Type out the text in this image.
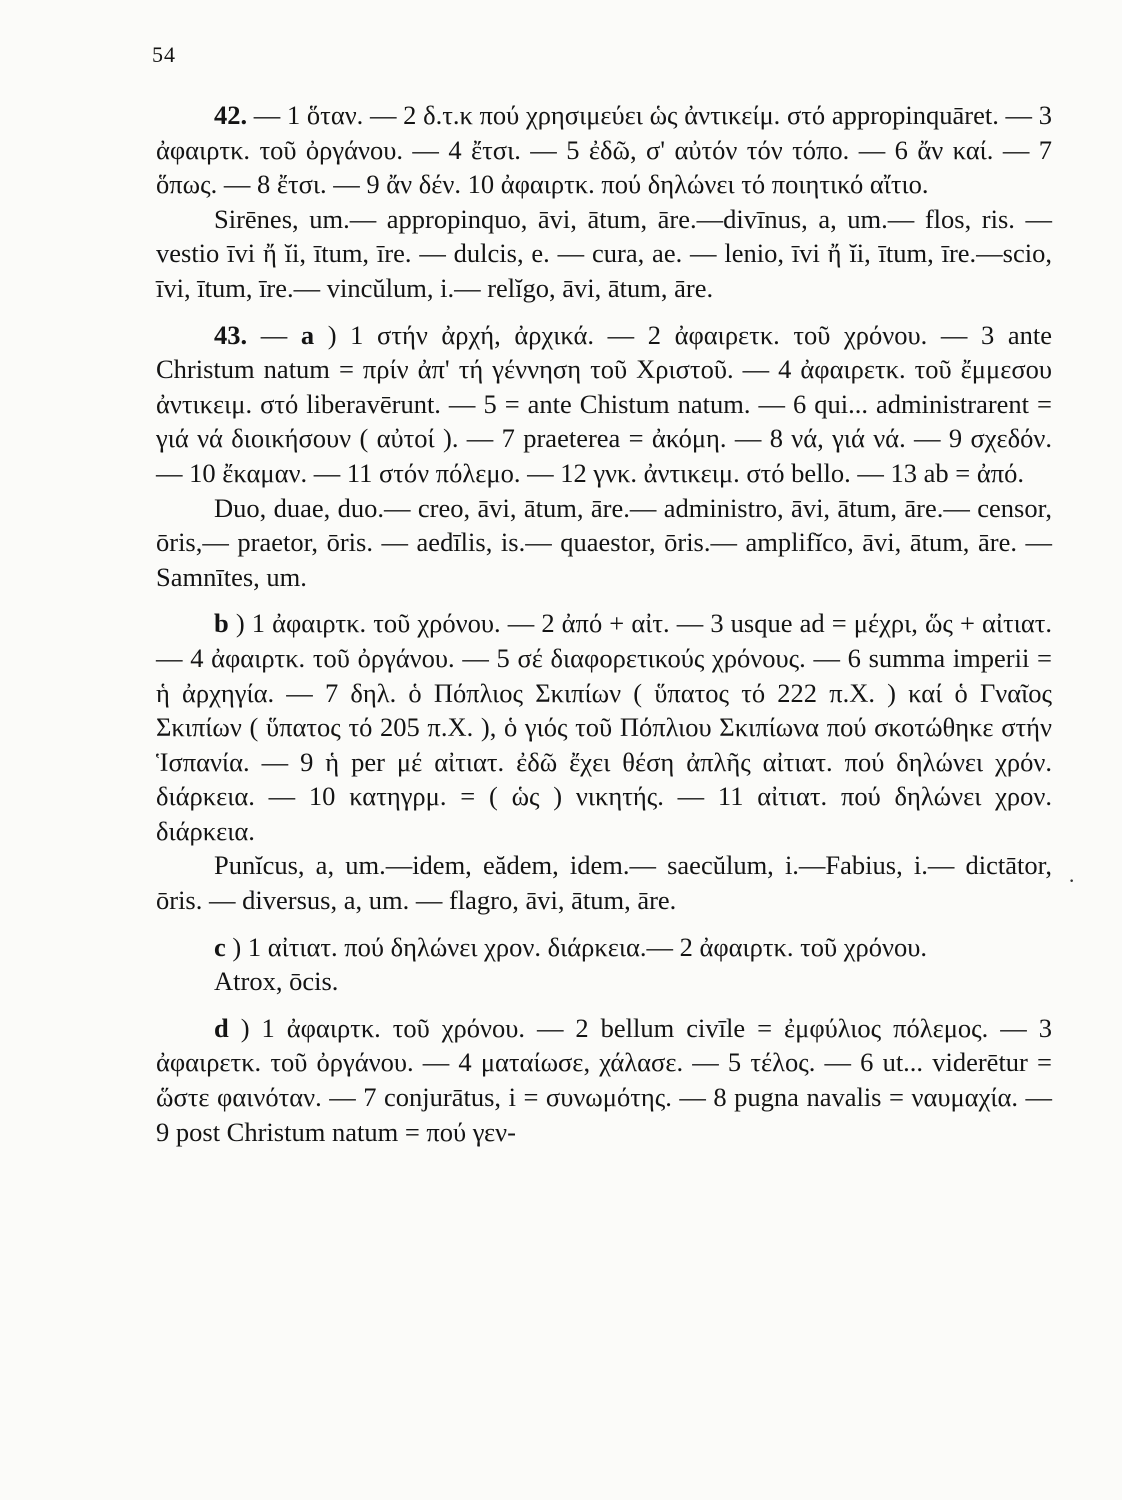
54

42. — 1 ὅταν. — 2 δ.τ.κ πού χρησιμεύει ὡς ἀντικείμ. στό appropinquāret. — 3 ἀφαιρτκ. τοῦ ὀργάνου. — 4 ἔτσι. — 5 ἐδῶ, σ' αὐτόν τόν τόπο. — 6 ἄν καί. — 7 ὅπως. — 8 ἔτσι. — 9 ἄν δέν. 10 ἀφαιρτκ. πού δηλώνει τό ποιητικό αἴτιο.

Sirēnes, um.— appropinquo, āvi, ātum, āre.—divīnus, a, um.— flos, ris. — vestio īvi ἤ ĭi, ītum, īre. — dulcis, e. — cura, ae. — lenio, īvi ἤ ĭi, ītum, īre.—scio, īvi, ītum, īre.— vincŭlum, i.— relĭgo, āvi, ātum, āre.

43. — a ) 1 στήν ἀρχή, ἀρχικά. — 2 ἀφαιρετκ. τοῦ χρόνου. — 3 ante Christum natum = πρίν ἀπ' τή γέννηση τοῦ Χριστοῦ. — 4 ἀφαιρετκ. τοῦ ἔμμεσου ἀντικειμ. στό liberavērunt. — 5 = ante Chistum natum. — 6 qui... administrarent = γιά νά διοικήσουν ( αὐτοί ). — 7 praeterea = ἀκόμη. — 8 νά, γιά νά. — 9 σχεδόν. — 10 ἔκαμαν. — 11 στόν πόλεμο. — 12 γνκ. ἀντικειμ. στό bello. — 13 ab = ἀπό.

Duo, duae, duo.— creo, āvi, ātum, āre.— administro, āvi, ātum, āre.— censor, ōris,— praetor, ōris. — aedīlis, is.— quaestor, ōris.— amplifĭco, āvi, ātum, āre. — Samnītes, um.

b ) 1 ἀφαιρτκ. τοῦ χρόνου. — 2 ἀπό + αἰτ. — 3 usque ad = μέχρι, ὥς + αἰτιατ. — 4 ἀφαιρτκ. τοῦ ὀργάνου. — 5 σέ διαφορετικούς χρόνους. — 6 summa imperii = ἡ ἀρχηγία. — 7 δηλ. ὁ Πόπλιος Σκιπίων ( ὕπατος τό 222 π.Χ. ) καί ὁ Γναῖος Σκιπίων ( ὕπατος τό 205 π.Χ. ), ὁ γιός τοῦ Πόπλιου Σκιπίωνα πού σκοτώθηκε στήν Ἱσπανία. — 9 ἡ per μέ αἰτιατ. ἐδῶ ἔχει θέση ἀπλῆς αἰτιατ. πού δηλώνει χρόν. διάρκεια. — 10 κατηγρμ. = ( ὡς ) νικητής. — 11 αἰτιατ. πού δηλώνει χρον. διάρκεια.

Punĭcus, a, um.—idem, eădem, idem.— saecŭlum, i.—Fabius, i.— dictātor, ōris. — diversus, a, um. — flagro, āvi, ātum, āre.

c ) 1 αἰτιατ. πού δηλώνει χρον. διάρκεια.— 2 ἀφαιρτκ. τοῦ χρόνου.

Atrox, ōcis.

d ) 1 ἀφαιρτκ. τοῦ χρόνου. — 2 bellum civīle = ἐμφύλιος πόλεμος. — 3 ἀφαιρετκ. τοῦ ὀργάνου. — 4 ματαίωσε, χάλασε. — 5 τέλος. — 6 ut... viderētur = ὥστε φαινόταν. — 7 conjurātus, i = συνωμότης. — 8 pugna navalis = ναυμαχία. — 9 post Christum natum = πού γεν-

·
